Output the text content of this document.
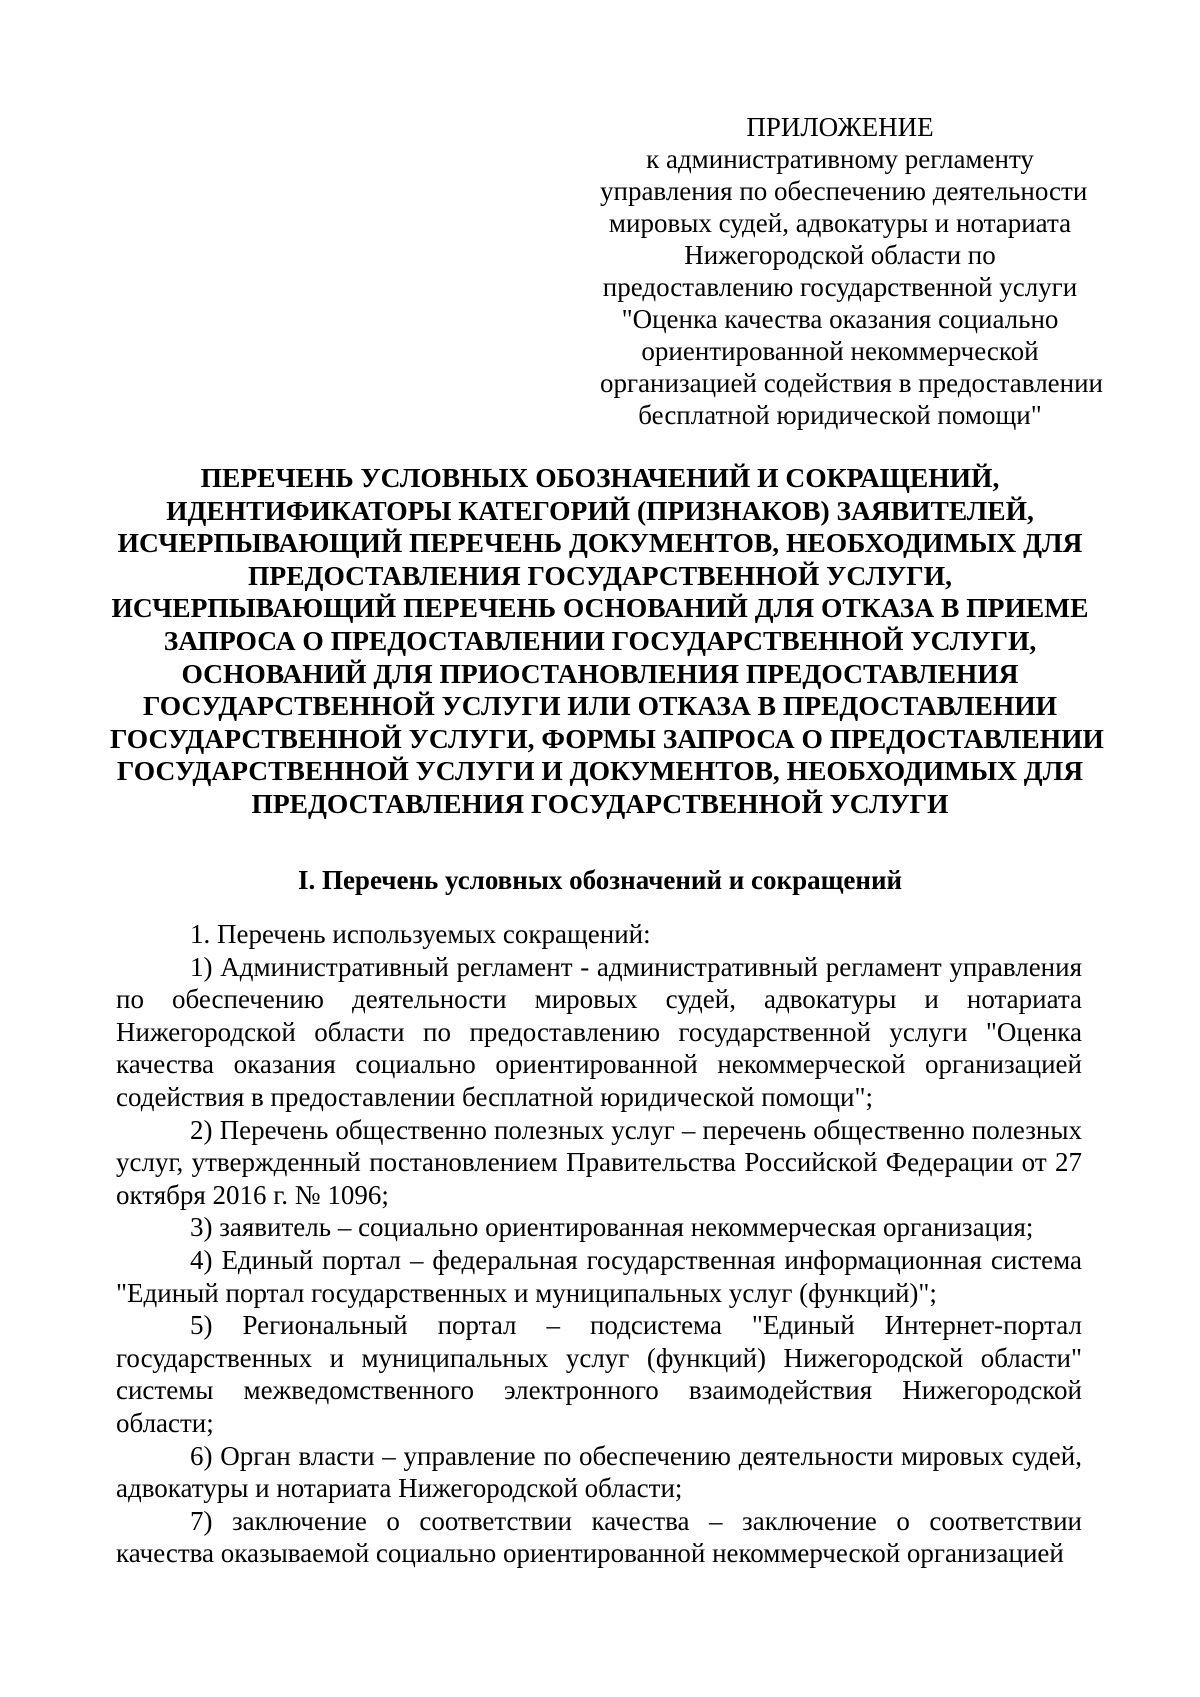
ПРИЛОЖЕНИЕ
к административному регламенту
управления по обеспечению деятельности
мировых судей, адвокатуры и нотариата
Нижегородской области по
предоставлению государственной услуги
"Оценка качества оказания социально
ориентированной некоммерческой
организацией содействия в предоставлении
бесплатной юридической помощи"
ПЕРЕЧЕНЬ УСЛОВНЫХ ОБОЗНАЧЕНИЙ И СОКРАЩЕНИЙ,
ИДЕНТИФИКАТОРЫ КАТЕГОРИЙ (ПРИЗНАКОВ) ЗАЯВИТЕЛЕЙ,
ИСЧЕРПЫВАЮЩИЙ ПЕРЕЧЕНЬ ДОКУМЕНТОВ, НЕОБХОДИМЫХ ДЛЯ
ПРЕДОСТАВЛЕНИЯ ГОСУДАРСТВЕННОЙ УСЛУГИ,
ИСЧЕРПЫВАЮЩИЙ ПЕРЕЧЕНЬ ОСНОВАНИЙ ДЛЯ ОТКАЗА В ПРИЕМЕ
ЗАПРОСА О ПРЕДОСТАВЛЕНИИ ГОСУДАРСТВЕННОЙ УСЛУГИ,
ОСНОВАНИЙ ДЛЯ ПРИОСТАНОВЛЕНИЯ ПРЕДОСТАВЛЕНИЯ
ГОСУДАРСТВЕННОЙ УСЛУГИ ИЛИ ОТКАЗА В ПРЕДОСТАВЛЕНИИ
ГОСУДАРСТВЕННОЙ УСЛУГИ, ФОРМЫ ЗАПРОСА О ПРЕДОСТАВЛЕНИИ
ГОСУДАРСТВЕННОЙ УСЛУГИ И ДОКУМЕНТОВ, НЕОБХОДИМЫХ ДЛЯ
ПРЕДОСТАВЛЕНИЯ ГОСУДАРСТВЕННОЙ УСЛУГИ
I. Перечень условных обозначений и сокращений

1. Перечень используемых сокращений:

1) Административный регламент - административный регламент управления по обеспечению деятельности мировых судей, адвокатуры и нотариата Нижегородской области по предоставлению государственной услуги "Оценка качества оказания социально ориентированной некоммерческой организацией содействия в предоставлении бесплатной юридической помощи";

2) Перечень общественно полезных услуг – перечень общественно полезных услуг, утвержденный постановлением Правительства Российской Федерации от 27 октября 2016 г. № 1096;

3) заявитель – социально ориентированная некоммерческая организация;

4) Единый портал – федеральная государственная информационная система "Единый портал государственных и муниципальных услуг (функций)";

5) Региональный портал – подсистема "Единый Интернет-портал государственных и муниципальных услуг (функций) Нижегородской области" системы межведомственного электронного взаимодействия Нижегородской области;

6) Орган власти – управление по обеспечению деятельности мировых судей, адвокатуры и нотариата Нижегородской области;

7) заключение о соответствии качества – заключение о соответствии качества оказываемой социально ориентированной некоммерческой организацией
